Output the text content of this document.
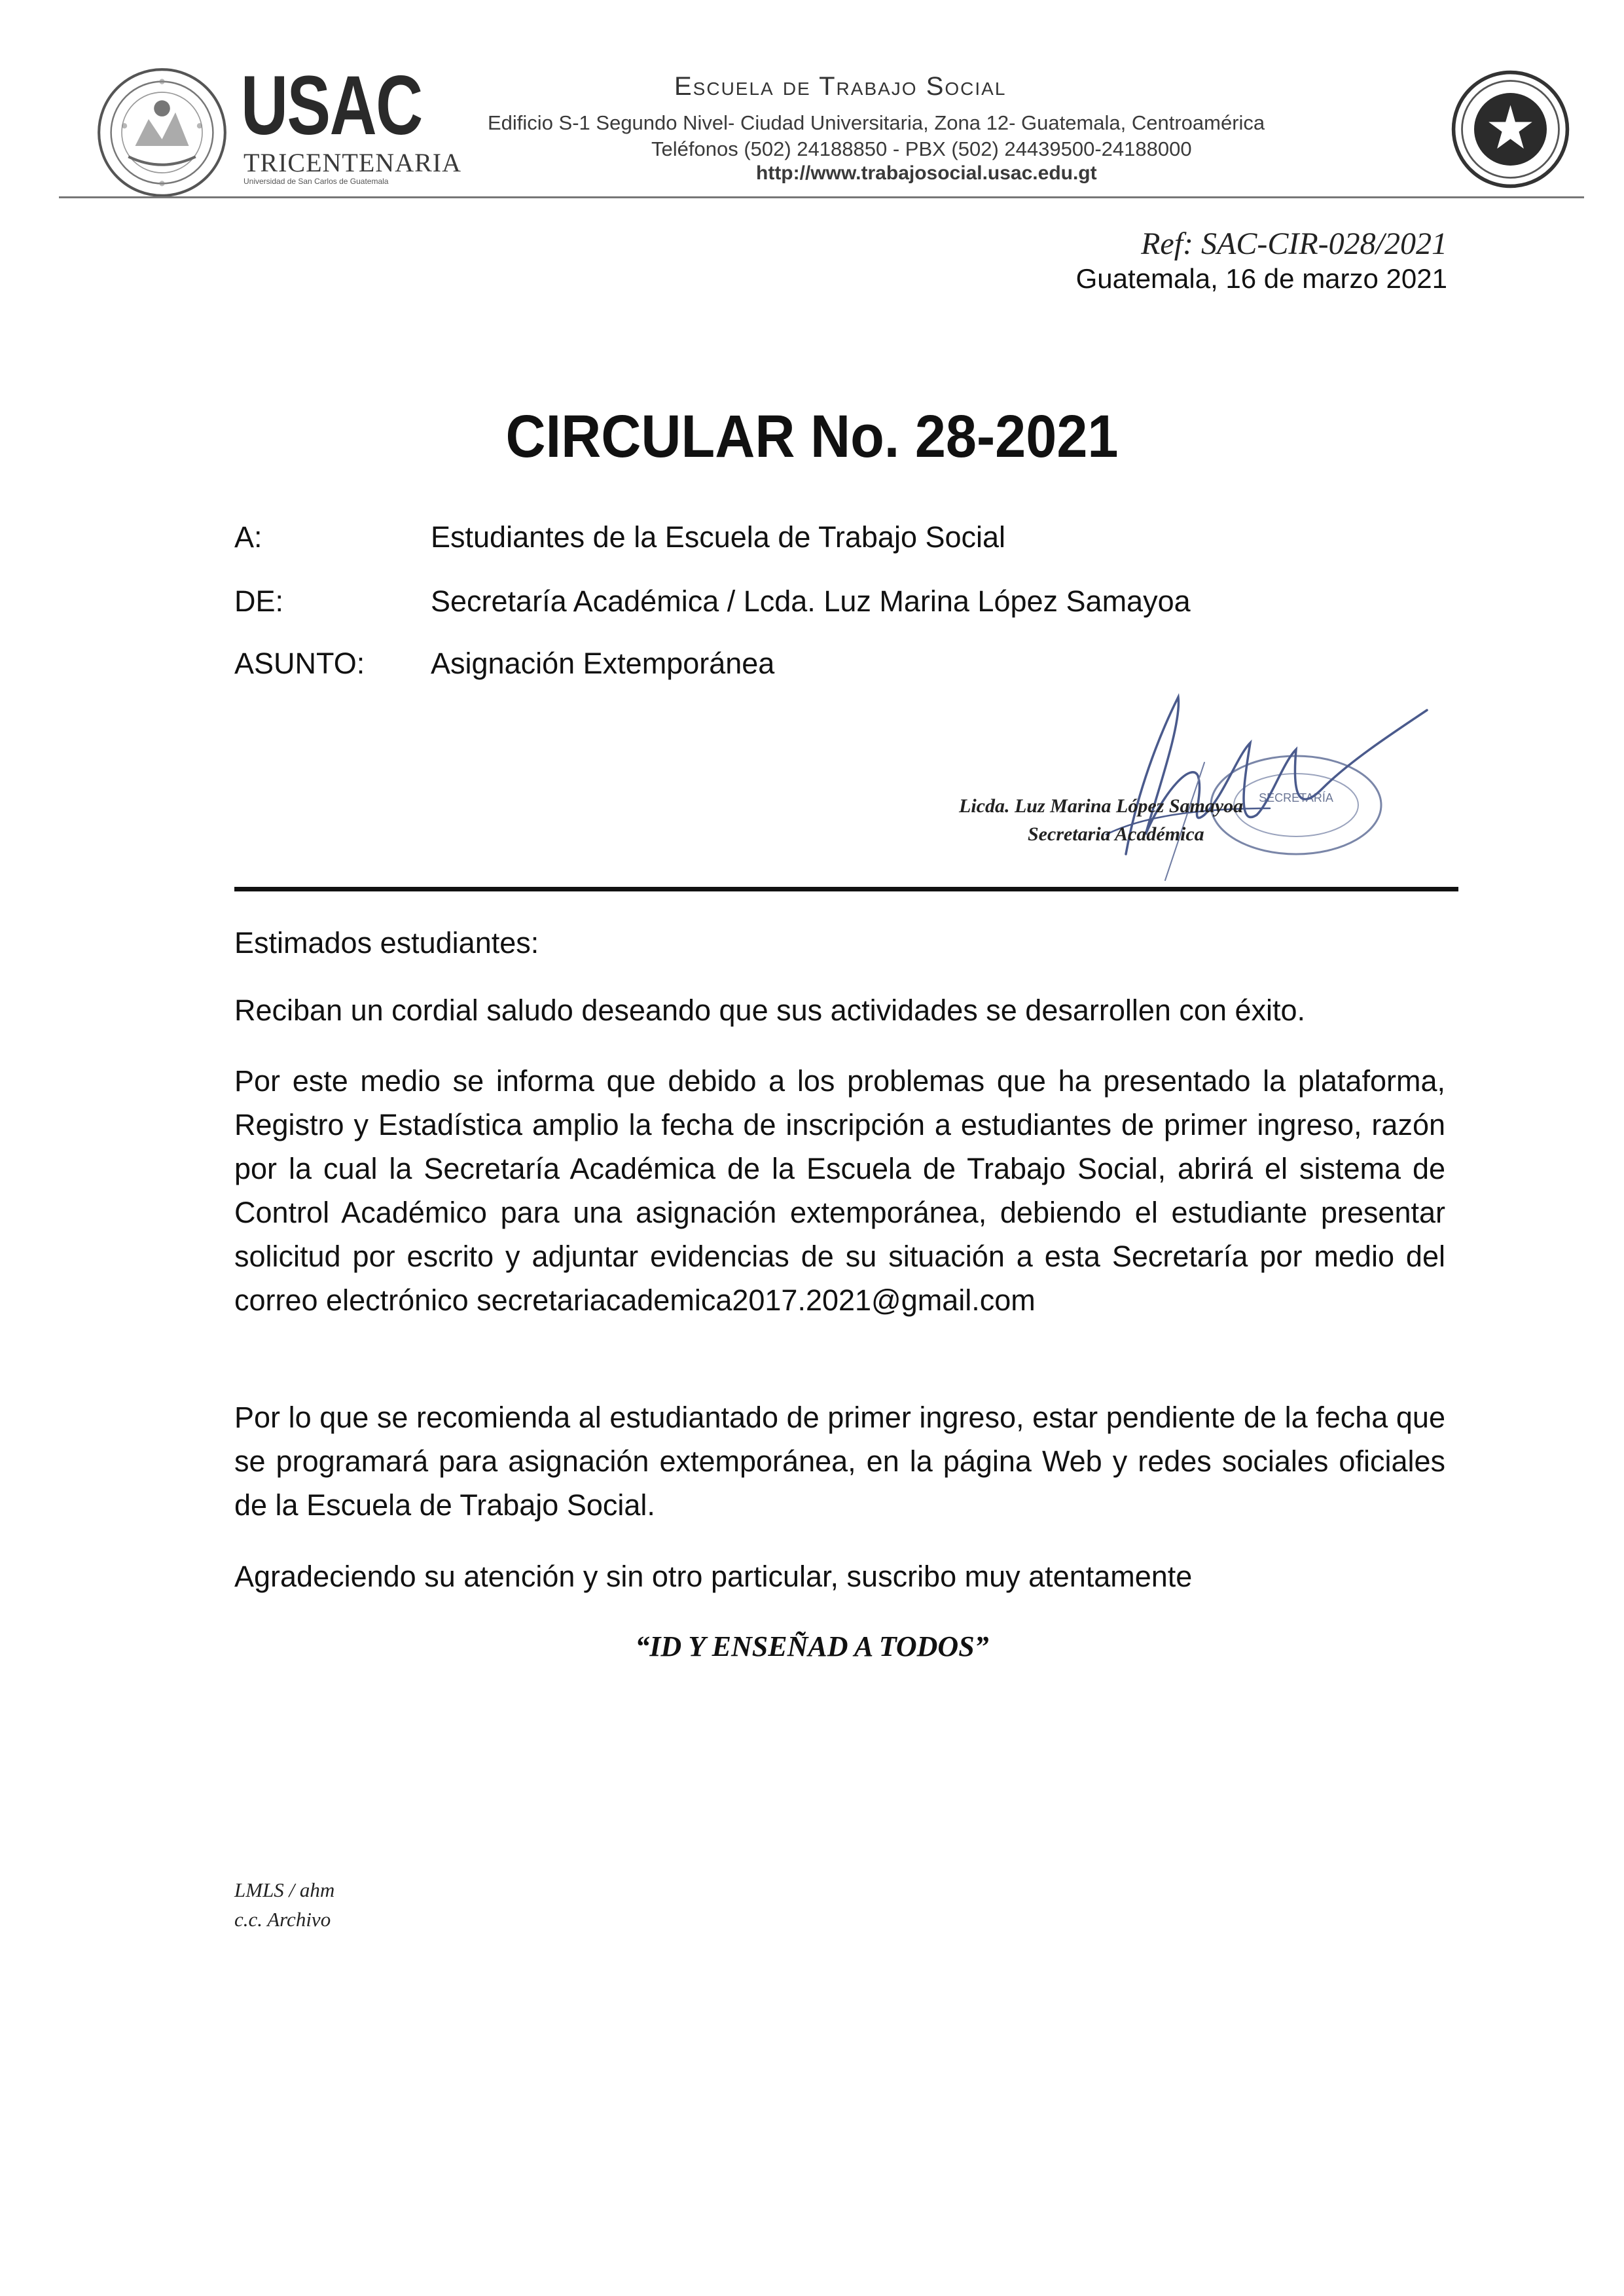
USAC
TRICENTENARIA
Universidad de San Carlos de Guatemala
Escuela de Trabajo Social
Edificio S-1 Segundo Nivel- Ciudad Universitaria, Zona 12- Guatemala, Centroamérica
Teléfonos (502) 24188850 - PBX (502) 24439500-24188000
http://www.trabajosocial.usac.edu.gt
Ref: SAC-CIR-028/2021
Guatemala, 16 de marzo 2021
CIRCULAR No. 28-2021
A:	Estudiantes de la Escuela de Trabajo Social
DE:	Secretaría Académica / Lcda. Luz Marina López Samayoa
ASUNTO: Asignación Extemporánea
SECRETARÍA
Licda. Luz Marina López Samayoa
Secretaria Académica
Estimados estudiantes:
Reciban un cordial saludo deseando que sus actividades se desarrollen con éxito.
Por este medio se informa que debido a los problemas que ha presentado la plataforma, Registro y Estadística amplio la fecha de inscripción a estudiantes de primer ingreso, razón por la cual la Secretaría Académica de la Escuela de Trabajo Social, abrirá el sistema de Control Académico para una asignación extemporánea, debiendo el estudiante presentar solicitud por escrito y adjuntar evidencias de su situación a esta Secretaría por medio del correo electrónico secretariacademica2017.2021@gmail.com
Por lo que se recomienda al estudiantado de primer ingreso, estar pendiente de la fecha que se programará para asignación extemporánea, en la página Web y redes sociales oficiales de la Escuela de Trabajo Social.
Agradeciendo su atención y sin otro particular, suscribo muy atentamente
“ID Y ENSEÑAD A TODOS”
LMLS / ahm
c.c. Archivo
